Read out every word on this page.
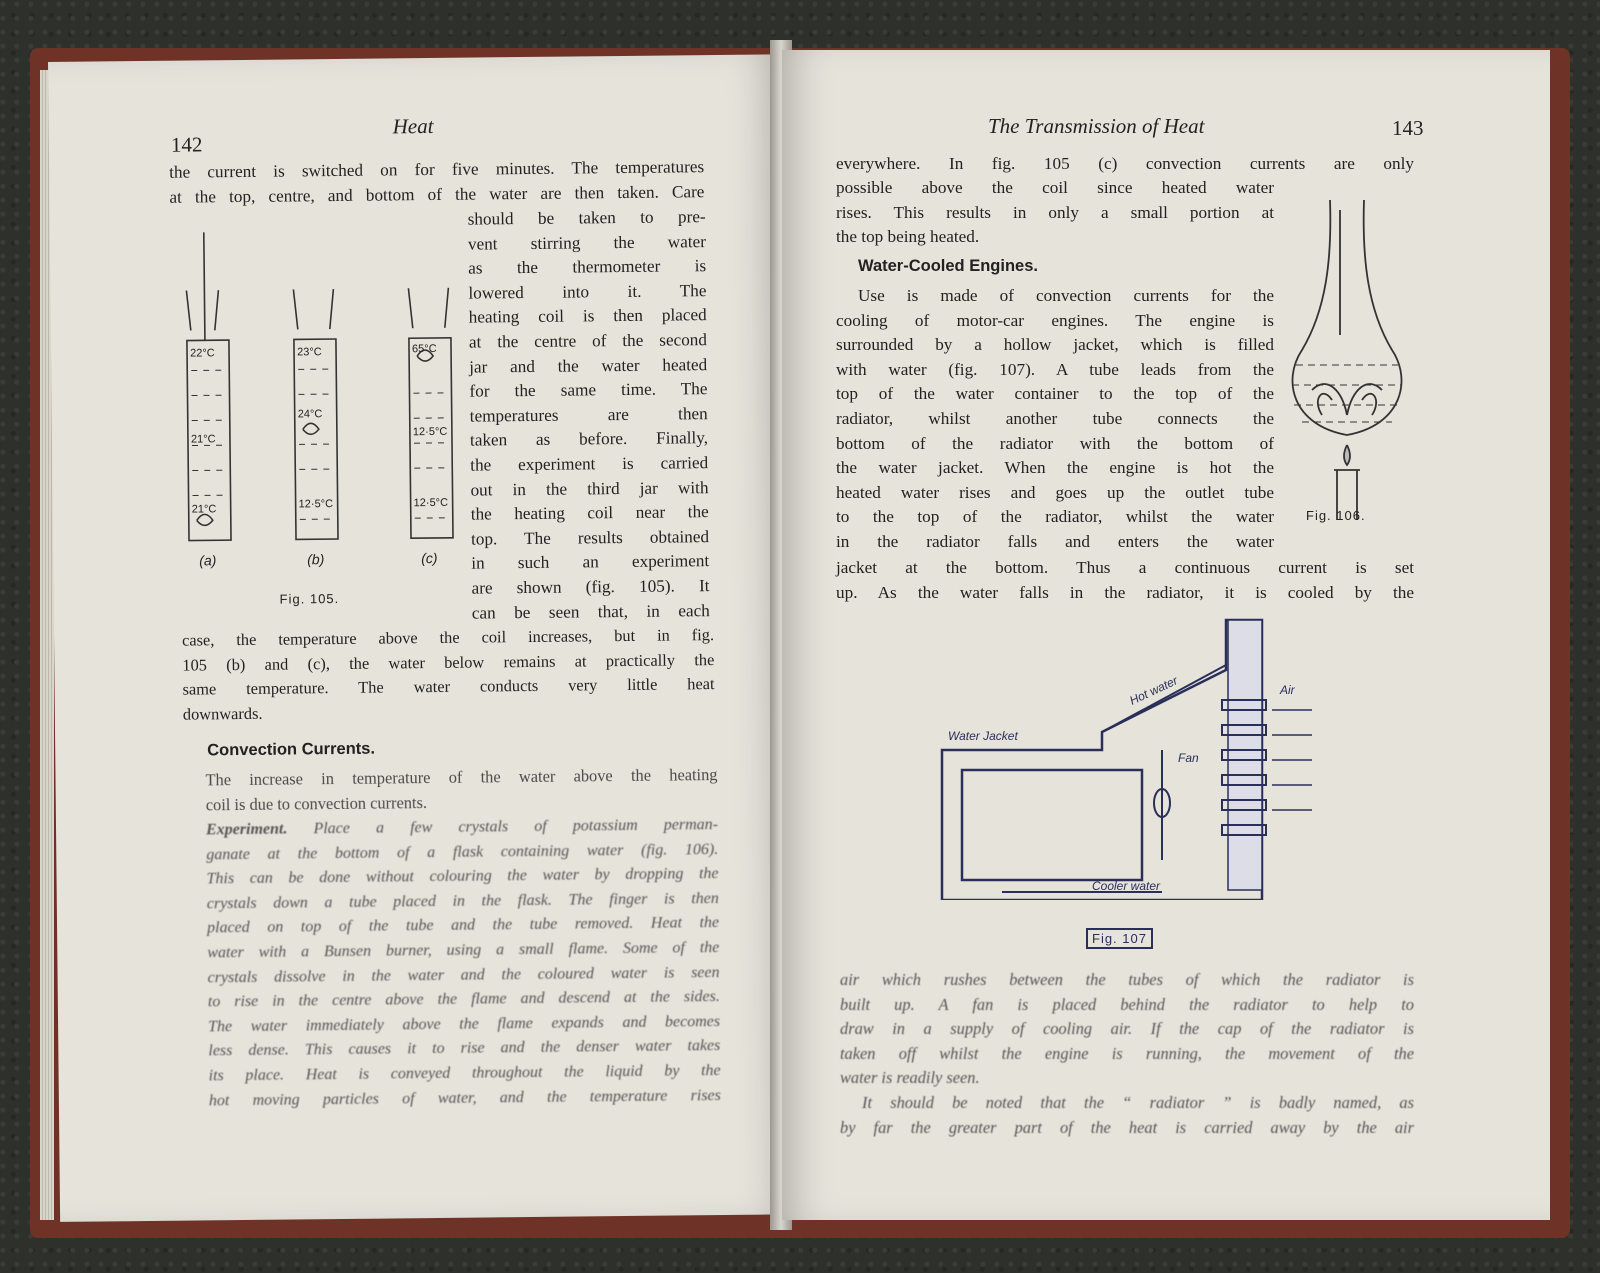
142
Heat
the current is switched on for five minutes. The temperatures
at the top, centre, and bottom of the water are then taken. Care
should be taken to pre-
vent stirring the water
as the thermometer is
lowered into it. The
heating coil is then placed
at the centre of the second
jar and the water heated
for the same time. The
temperatures are then
taken as before. Finally,
the experiment is carried
out in the third jar with
the heating coil near the
top. The results obtained
in such an experiment
are shown (fig. 105). It
can be seen that, in each
22°C
21°C
21°C
23°C
24°C
12·5°C
65°C
12·5°C
12·5°C
(a)	(b)	(c)
Fig. 105.
case, the temperature above the coil increases, but in fig.
105 (b) and (c), the water below remains at practically the
same temperature. The water conducts very little heat
downwards.
Convection Currents.
The increase in temperature of the water above the heating
coil is due to convection currents.
Experiment. Place a few crystals of potassium perman-
ganate at the bottom of a flask containing water (fig. 106).
This can be done without colouring the water by dropping the
crystals down a tube placed in the flask. The finger is then
placed on top of the tube and the tube removed. Heat the
water with a Bunsen burner, using a small flame. Some of the
crystals dissolve in the water and the coloured water is seen
to rise in the centre above the flame and descend at the sides.
The water immediately above the flame expands and becomes
less dense. This causes it to rise and the denser water takes
its place. Heat is conveyed throughout the liquid by the
hot moving particles of water, and the temperature rises
The Transmission of Heat	143
everywhere. In fig. 105 (c) convection currents are only
possible above the coil since heated water
rises. This results in only a small portion at
the top being heated.
Water-Cooled Engines.
Use is made of convection currents for the
cooling of motor-car engines. The engine is
surrounded by a hollow jacket, which is filled
with water (fig. 107). A tube leads from the
top of the water container to the top of the
radiator, whilst another tube connects the
bottom of the radiator with the bottom of
the water jacket. When the engine is hot the
heated water rises and goes up the outlet tube
to the top of the radiator, whilst the water
in the radiator falls and enters the water
Fig. 106.
jacket at the bottom. Thus a continuous current is set
up. As the water falls in the radiator, it is cooled by the
Water Jacket
Hot water
Fan
Air
Cooler water
Fig. 107
air which rushes between the tubes of which the radiator is
built up. A fan is placed behind the radiator to help to
draw in a supply of cooling air. If the cap of the radiator is
taken off whilst the engine is running, the movement of the
water is readily seen.
It should be noted that the “ radiator ” is badly named, as
by far the greater part of the heat is carried away by the air
